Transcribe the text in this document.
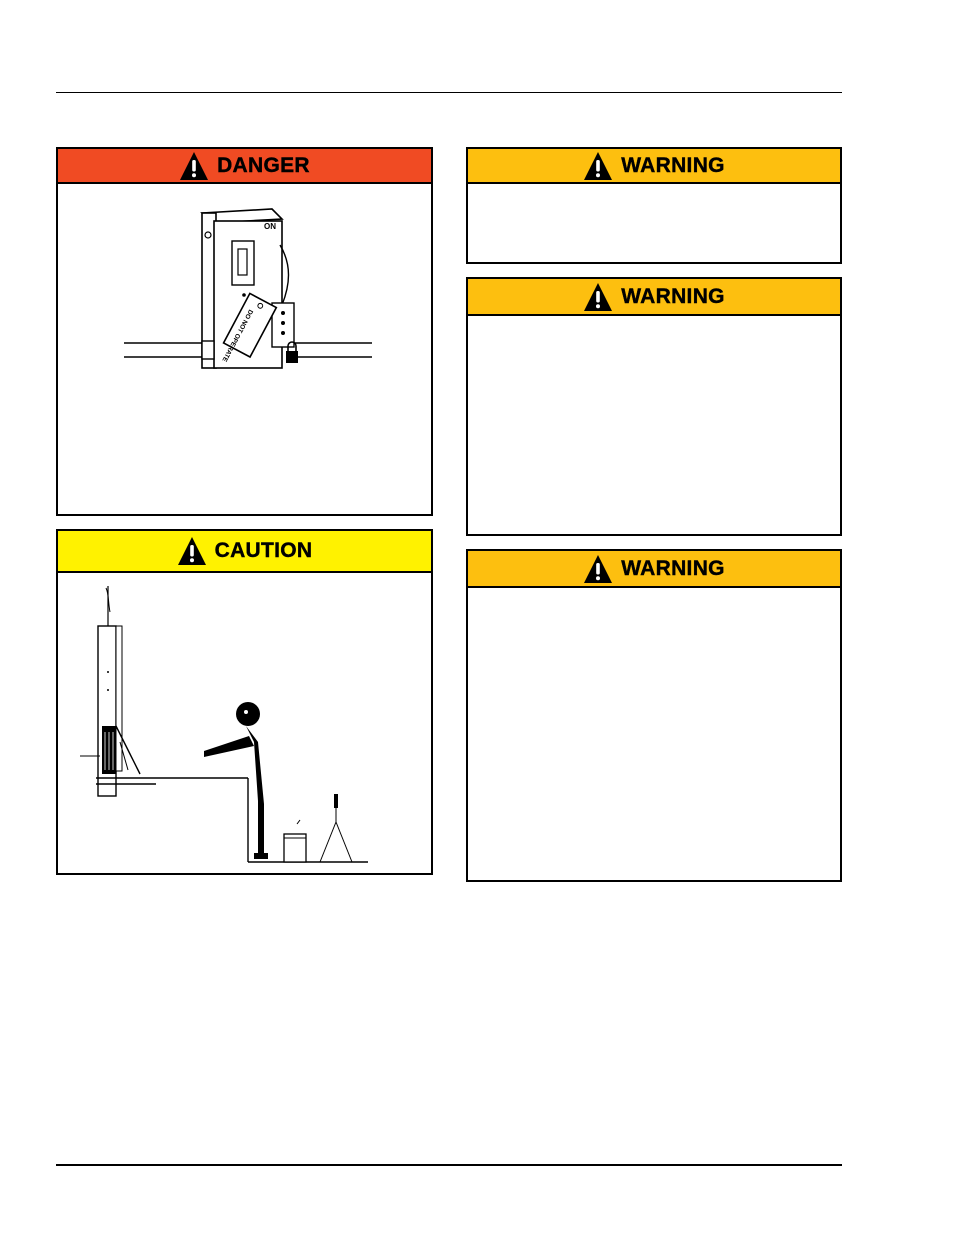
DANGER
ON
DO NOT OPERATE
CAUTION
WARNING
WARNING
WARNING
